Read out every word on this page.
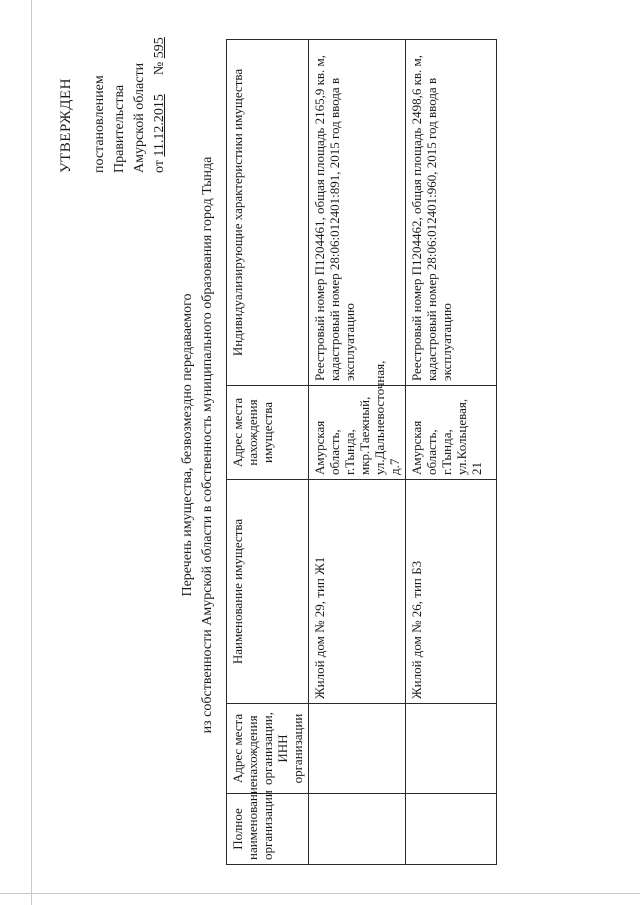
УТВЕРЖДЕН постановлением Правительства Амурской области от 11.12.2015  № 595
Перечень имущества, безвозмездно передаваемого из собственности Амурской области в собственность муниципального образования город Тында
Полное наименование организации	Адрес места нахождения организации, ИНН организации	Наименование имущества	Адрес места нахождения имущества	Индивидуализирующие характеристики имущества
		Жилой дом № 29, тип Ж1	Амурская область, г.Тында, мкр.Таежный, ул.Дальневосточная, д.7	Реестровый номер П1204461, общая площадь 2165,9 кв. м, кадастровый номер 28:06:012401:891, 2015 год ввода в эксплуатацию
		Жилой дом № 26, тип Б3	Амурская область, г.Тында, ул.Кольцевая, 21	Реестровый номер П1204462, общая площадь 2498,6 кв. м, кадастровый номер 28:06:012401:960, 2015 год ввода в эксплуатацию
